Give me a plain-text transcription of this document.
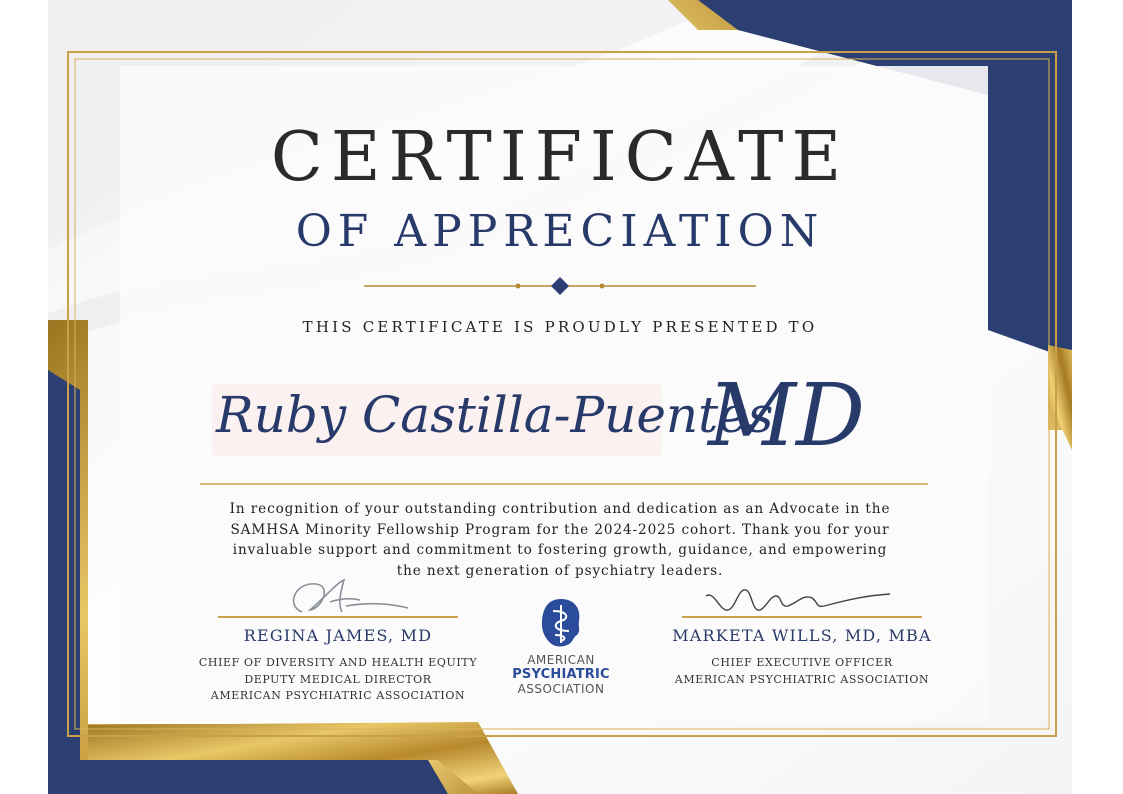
CERTIFICATE
OF APPRECIATION
THIS CERTIFICATE IS PROUDLY PRESENTED TO
Ruby Castilla-Puentes
MD
In recognition of your outstanding contribution and dedication as an Advocate in the
SAMHSA Minority Fellowship Program for the 2024-2025 cohort. Thank you for your
invaluable support and commitment to fostering growth, guidance, and empowering
the next generation of psychiatry leaders.
REGINA JAMES, MD
CHIEF OF DIVERSITY AND HEALTH EQUITY
DEPUTY MEDICAL DIRECTOR
AMERICAN PSYCHIATRIC ASSOCIATION
MARKETA WILLS, MD, MBA
CHIEF EXECUTIVE OFFICER
AMERICAN PSYCHIATRIC ASSOCIATION
AMERICAN
PSYCHIATRIC
ASSOCIATION
